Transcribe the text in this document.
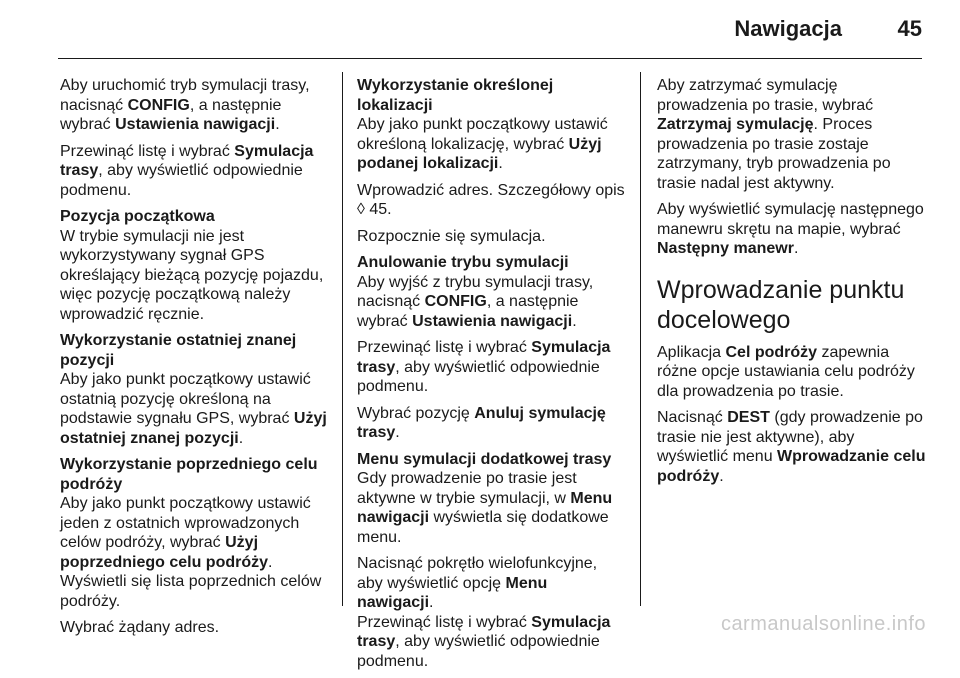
Nawigacja	45

Aby uruchomić tryb symulacji trasy, nacisnąć CONFIG, a następnie wybrać Ustawienia nawigacji.

Przewinąć listę i wybrać Symulacja trasy, aby wyświetlić odpowiednie podmenu.

Pozycja początkowa

W trybie symulacji nie jest wykorzystywany sygnał GPS określający bieżącą pozycję pojazdu, więc pozycję początkową należy wprowadzić ręcznie.

Wykorzystanie ostatniej znanej pozycji

Aby jako punkt początkowy ustawić ostatnią pozycję określoną na podstawie sygnału GPS, wybrać Użyj ostatniej znanej pozycji.

Wykorzystanie poprzedniego celu podróży

Aby jako punkt początkowy ustawić jeden z ostatnich wprowadzonych celów podróży, wybrać Użyj poprzedniego celu podróży.
Wyświetli się lista poprzednich celów podróży.

Wybrać żądany adres.

Wykorzystanie określonej lokalizacji

Aby jako punkt początkowy ustawić określoną lokalizację, wybrać Użyj podanej lokalizacji.

Wprowadzić adres. Szczegółowy opis ◊ 45.

Rozpocznie się symulacja.

Anulowanie trybu symulacji

Aby wyjść z trybu symulacji trasy, nacisnąć CONFIG, a następnie wybrać Ustawienia nawigacji.

Przewinąć listę i wybrać Symulacja trasy, aby wyświetlić odpowiednie podmenu.

Wybrać pozycję Anuluj symulację trasy.

Menu symulacji dodatkowej trasy

Gdy prowadzenie po trasie jest aktywne w trybie symulacji, w Menu nawigacji wyświetla się dodatkowe menu.

Nacisnąć pokrętło wielofunkcyjne, aby wyświetlić opcję Menu nawigacji.
Przewinąć listę i wybrać Symulacja trasy, aby wyświetlić odpowiednie podmenu.

Aby zatrzymać symulację prowadzenia po trasie, wybrać Zatrzymaj symulację. Proces prowadzenia po trasie zostaje zatrzymany, tryb prowadzenia po trasie nadal jest aktywny.

Aby wyświetlić symulację następnego manewru skrętu na mapie, wybrać Następny manewr.

Wprowadzanie punktu docelowego

Aplikacja Cel podróży zapewnia różne opcje ustawiania celu podróży dla prowadzenia po trasie.

Nacisnąć DEST (gdy prowadzenie po trasie nie jest aktywne), aby wyświetlić menu Wprowadzanie celu podróży.

carmanualsonline.info
